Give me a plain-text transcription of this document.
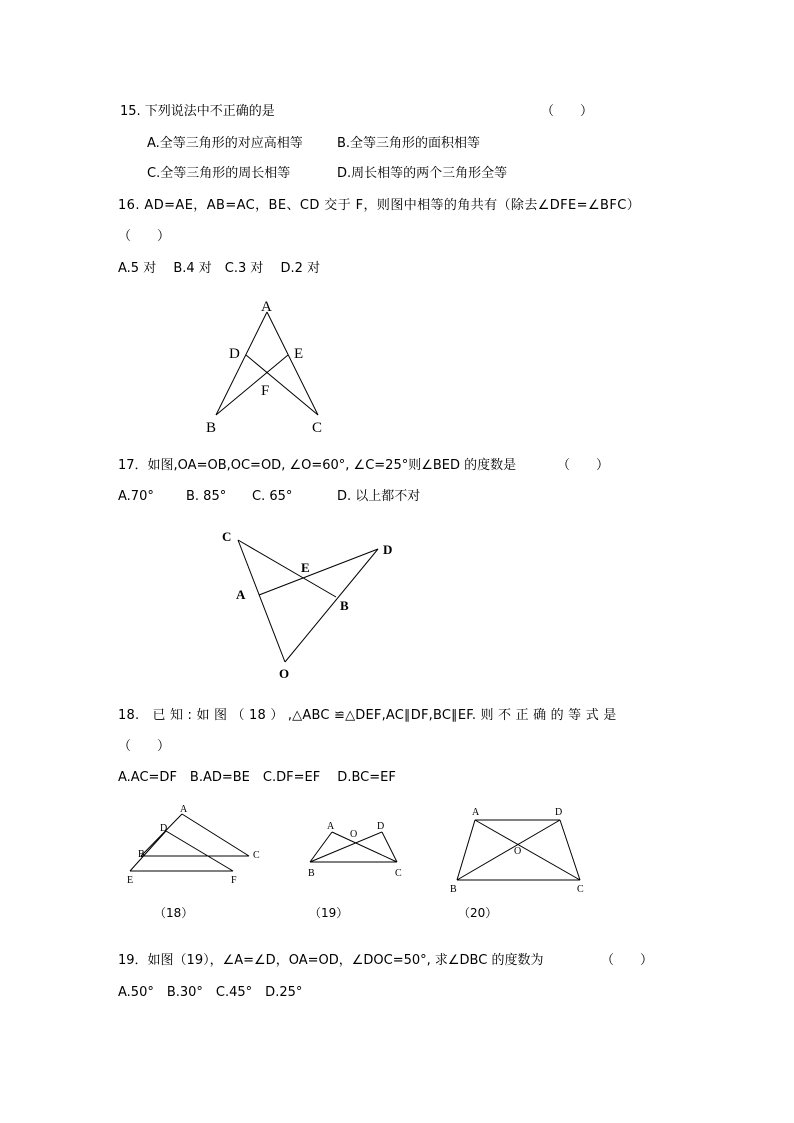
15. 下列说法中不正确的是	（　　）
A.全等三角形的对应高相等	B.全等三角形的面积相等
C.全等三角形的周长相等	D.周长相等的两个三角形全等
16. AD=AE，AB=AC，BE、CD 交于 F，则图中相等的角共有（除去∠DFE=∠BFC）
（　　）
A.5 对　 B.4 对　C.3 对　 D.2 对
A
D	E
F
B	C
17．如图,OA=OB,OC=OD, ∠O=60°, ∠C=25°则∠BED 的度数是	（　　）
A.70° B. 85° C. 65°	D. 以上都不对
C
D
E
A
B
O
18.　已 知 : 如 图 （ 18 ） ,△ABC ≌△DEF,AC∥DF,BC∥EF. 则 不 正 确 的 等 式 是
（　　）
A.AC=DF　B.AD=BE　C.DF=EF　 D.BC=EF
A
D
B	C
E	F
A
O
D
B	C
A	D
O
B	C
（18）	（19）	（20）
19．如图（19），∠A=∠D，OA=OD，∠DOC=50°, 求∠DBC 的度数为	（　　）
A.50°　B.30°　C.45°　D.25°
